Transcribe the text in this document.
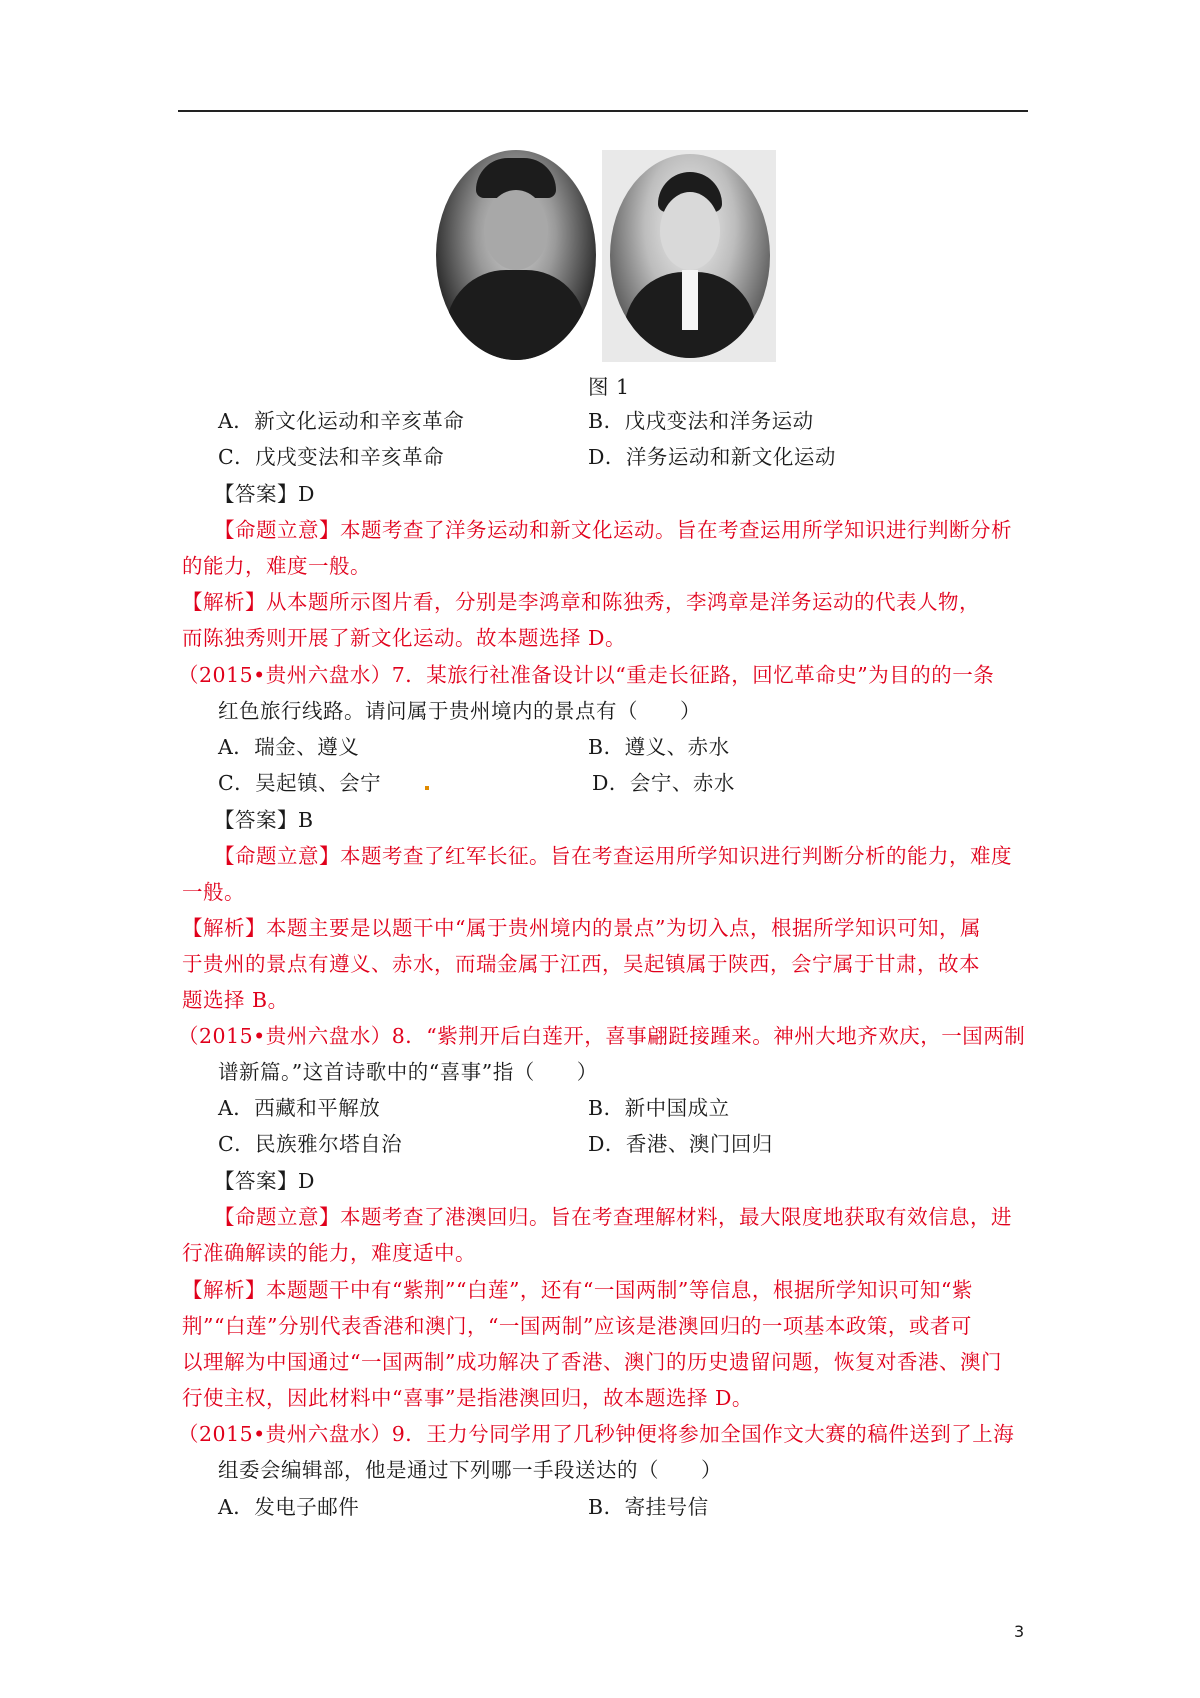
图 1
A．新文化运动和辛亥革命	B．戊戌变法和洋务运动
C．戊戌变法和辛亥革命	D．洋务运动和新文化运动
【答案】D
【命题立意】本题考查了洋务运动和新文化运动。旨在考查运用所学知识进行判断分析
的能力，难度一般。
【解析】从本题所示图片看，分别是李鸿章和陈独秀，李鸿章是洋务运动的代表人物，
而陈独秀则开展了新文化运动。故本题选择 D。
（2015•贵州六盘水）7．某旅行社准备设计以“重走长征路，回忆革命史”为目的的一条
红色旅行线路。请问属于贵州境内的景点有（　　）
A．瑞金、遵义	B．遵义、赤水
C．吴起镇、会宁	D．会宁、赤水
【答案】B
【命题立意】本题考查了红军长征。旨在考查运用所学知识进行判断分析的能力，难度
一般。
【解析】本题主要是以题干中“属于贵州境内的景点”为切入点，根据所学知识可知，属
于贵州的景点有遵义、赤水，而瑞金属于江西，吴起镇属于陕西，会宁属于甘肃，故本
题选择 B。
（2015•贵州六盘水）8．“紫荆开后白莲开，喜事翩跹接踵来。神州大地齐欢庆，一国两制
谱新篇。”这首诗歌中的“喜事”指（　　）
A．西藏和平解放	B．新中国成立
C．民族雅尔塔自治	D．香港、澳门回归
【答案】D
【命题立意】本题考查了港澳回归。旨在考查理解材料，最大限度地获取有效信息，进
行准确解读的能力，难度适中。
【解析】本题题干中有“紫荆”“白莲”，还有“一国两制”等信息，根据所学知识可知“紫
荆”“白莲”分别代表香港和澳门，“一国两制”应该是港澳回归的一项基本政策，或者可
以理解为中国通过“一国两制”成功解决了香港、澳门的历史遗留问题，恢复对香港、澳门
行使主权，因此材料中“喜事”是指港澳回归，故本题选择 D。
（2015•贵州六盘水）9．王力兮同学用了几秒钟便将参加全国作文大赛的稿件送到了上海
组委会编辑部，他是通过下列哪一手段送达的（　　）
A．发电子邮件	B．寄挂号信
3
